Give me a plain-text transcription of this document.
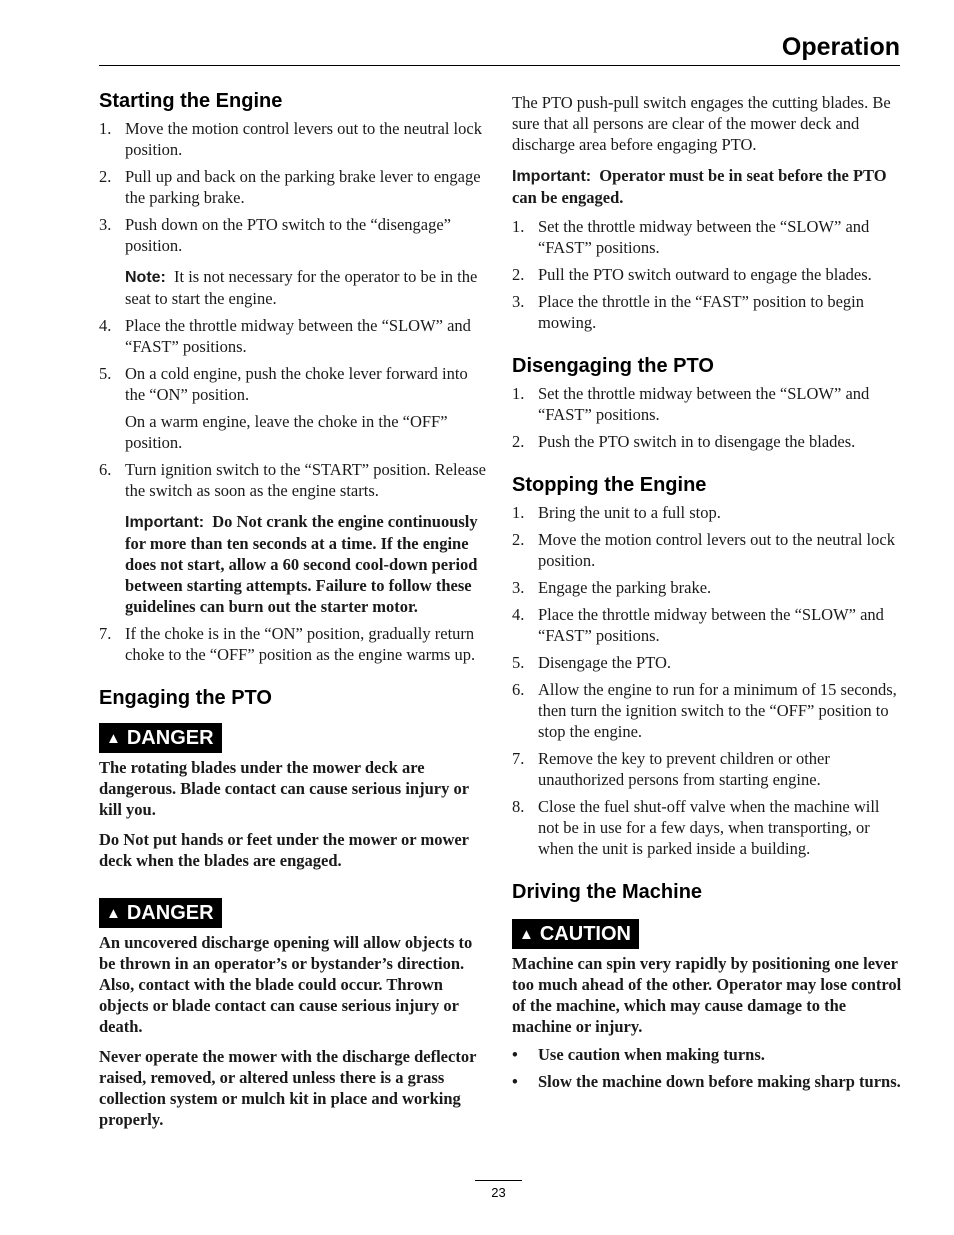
Operation
Starting the Engine
1. Move the motion control levers out to the neutral lock position.
2. Pull up and back on the parking brake lever to engage the parking brake.
3. Push down on the PTO switch to the “disengage” position.

Note: It is not necessary for the operator to be in the seat to start the engine.

4. Place the throttle midway between the “SLOW” and “FAST” positions.
5. On a cold engine, push the choke lever forward into the “ON” position.

On a warm engine, leave the choke in the “OFF” position.

6. Turn ignition switch to the “START” position. Release the switch as soon as the engine starts.

Important: Do Not crank the engine continuously for more than ten seconds at a time. If the engine does not start, allow a 60 second cool-down period between starting attempts. Failure to follow these guidelines can burn out the starter motor.

7. If the choke is in the “ON” position, gradually return choke to the “OFF” position as the engine warms up.
Engaging the PTO
▲ DANGER

The rotating blades under the mower deck are dangerous. Blade contact can cause serious injury or kill you.

Do Not put hands or feet under the mower or mower deck when the blades are engaged.

▲ DANGER

An uncovered discharge opening will allow objects to be thrown in an operator’s or bystander’s direction. Also, contact with the blade could occur. Thrown objects or blade contact can cause serious injury or death.

Never operate the mower with the discharge deflector raised, removed, or altered unless there is a grass collection system or mulch kit in place and working properly.

The PTO push-pull switch engages the cutting blades. Be sure that all persons are clear of the mower deck and discharge area before engaging PTO.

Important: Operator must be in seat before the PTO can be engaged.

1. Set the throttle midway between the “SLOW” and “FAST” positions.
2. Pull the PTO switch outward to engage the blades.
3. Place the throttle in the “FAST” position to begin mowing.
Disengaging the PTO
1. Set the throttle midway between the “SLOW” and “FAST” positions.
2. Push the PTO switch in to disengage the blades.
Stopping the Engine
1. Bring the unit to a full stop.
2. Move the motion control levers out to the neutral lock position.
3. Engage the parking brake.
4. Place the throttle midway between the “SLOW” and “FAST” positions.
5. Disengage the PTO.
6. Allow the engine to run for a minimum of 15 seconds, then turn the ignition switch to the “OFF” position to stop the engine.
7. Remove the key to prevent children or other unauthorized persons from starting engine.
8. Close the fuel shut-off valve when the machine will not be in use for a few days, when transporting, or when the unit is parked inside a building.
Driving the Machine
▲ CAUTION

Machine can spin very rapidly by positioning one lever too much ahead of the other. Operator may lose control of the machine, which may cause damage to the machine or injury.

• Use caution when making turns.
• Slow the machine down before making sharp turns.
23
